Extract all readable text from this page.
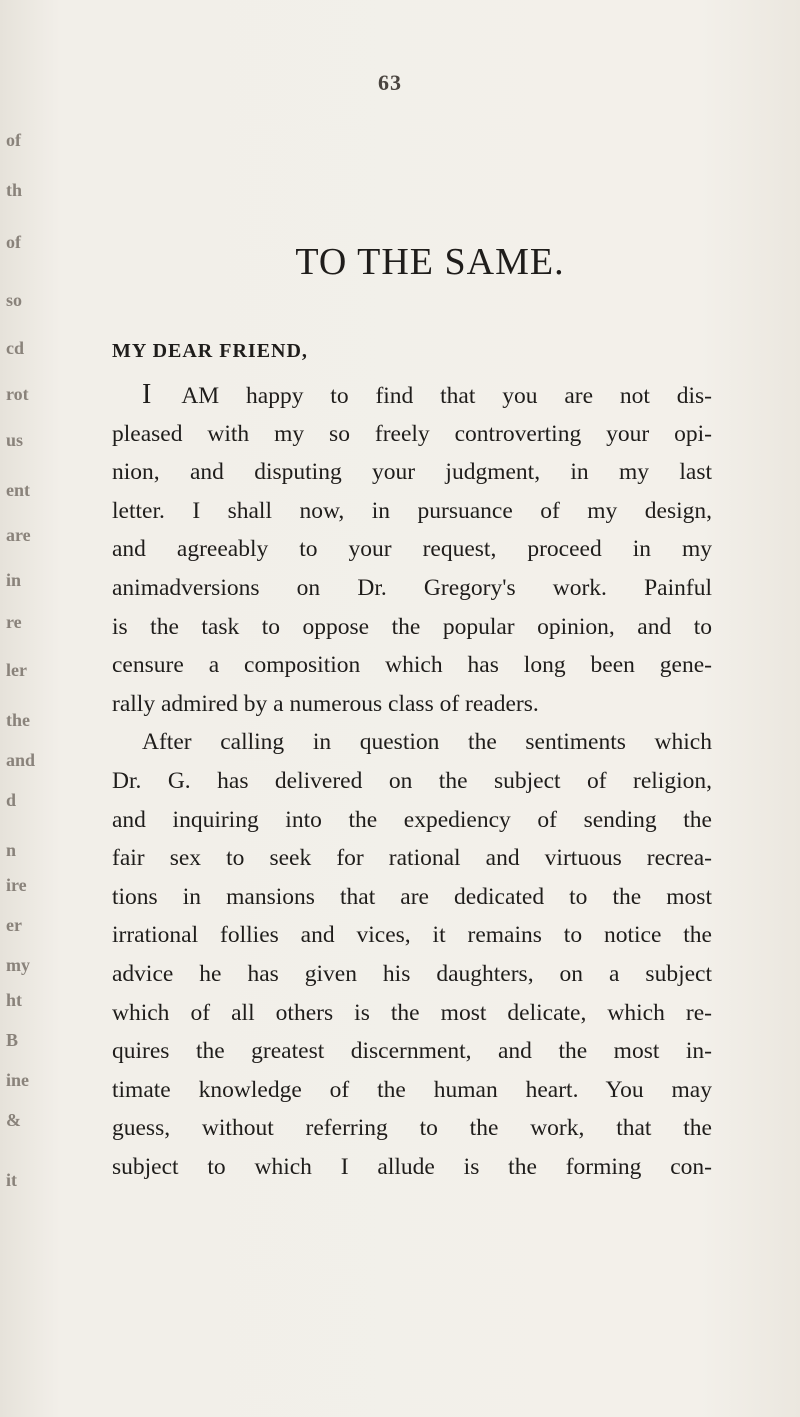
of
th
of
so
cd
rot
us
ent
are
in
re
ler
the
and
d
n
ire
er
my
ht
B
ine
&
it
63
TO THE SAME.
MY DEAR FRIEND,
I AM happy to find that you are not dis-
pleased with my so freely controverting your opi-
nion, and disputing your judgment, in my last
letter. I shall now, in pursuance of my design,
and agreeably to your request, proceed in my
animadversions on Dr. Gregory's work. Painful
is the task to oppose the popular opinion, and to
censure a composition which has long been gene-
rally admired by a numerous class of readers.
After calling in question the sentiments which
Dr. G. has delivered on the subject of religion,
and inquiring into the expediency of sending the
fair sex to seek for rational and virtuous recrea-
tions in mansions that are dedicated to the most
irrational follies and vices, it remains to notice the
advice he has given his daughters, on a subject
which of all others is the most delicate, which re-
quires the greatest discernment, and the most in-
timate knowledge of the human heart. You may
guess, without referring to the work, that the
subject to which I allude is the forming con-
